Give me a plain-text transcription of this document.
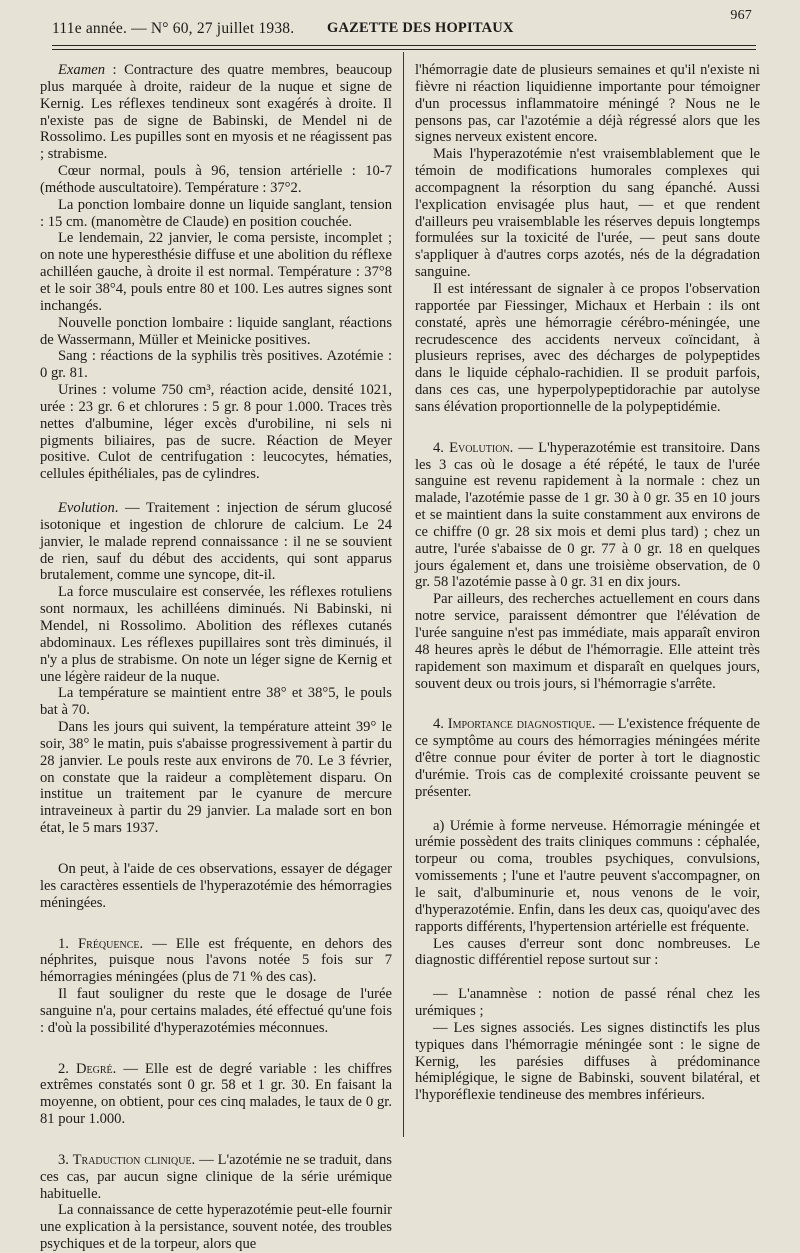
111e année. — N° 60, 27 juillet 1938. GAZETTE DES HOPITAUX
967

Examen : Contracture des quatre membres, beaucoup plus marquée à droite, raideur de la nuque et signe de Kernig. Les réflexes tendineux sont exagérés à droite. Il n'existe pas de signe de Babinski, de Mendel ni de Rossolimo. Les pupilles sont en myosis et ne réagissent pas ; strabisme.

Cœur normal, pouls à 96, tension artérielle : 10-7 (méthode auscultatoire). Température : 37°2.

La ponction lombaire donne un liquide sanglant, tension : 15 cm. (manomètre de Claude) en position couchée.

Le lendemain, 22 janvier, le coma persiste, incomplet ; on note une hyperesthésie diffuse et une abolition du réflexe achilléen gauche, à droite il est normal. Température : 37°8 et le soir 38°4, pouls entre 80 et 100. Les autres signes sont inchangés.

Nouvelle ponction lombaire : liquide sanglant, réactions de Wassermann, Müller et Meinicke positives.

Sang : réactions de la syphilis très positives. Azotémie : 0 gr. 81.

Urines : volume 750 cm³, réaction acide, densité 1021, urée : 23 gr. 6 et chlorures : 5 gr. 8 pour 1.000. Traces très nettes d'albumine, léger excès d'urobiline, ni sels ni pigments biliaires, pas de sucre. Réaction de Meyer positive. Culot de centrifugation : leucocytes, hématies, cellules épithéliales, pas de cylindres.

Evolution. — Traitement : injection de sérum glucosé isotonique et ingestion de chlorure de calcium. Le 24 janvier, le malade reprend connaissance : il ne se souvient de rien, sauf du début des accidents, qui sont apparus brutalement, comme une syncope, dit-il.

La force musculaire est conservée, les réflexes rotuliens sont normaux, les achilléens diminués. Ni Babinski, ni Mendel, ni Rossolimo. Abolition des réflexes cutanés abdominaux. Les réflexes pupillaires sont très diminués, il n'y a plus de strabisme. On note un léger signe de Kernig et une légère raideur de la nuque.

La température se maintient entre 38° et 38°5, le pouls bat à 70.

Dans les jours qui suivent, la température atteint 39° le soir, 38° le matin, puis s'abaisse progressivement à partir du 28 janvier. Le pouls reste aux environs de 70. Le 3 février, on constate que la raideur a complètement disparu. On institue un traitement par le cyanure de mercure intraveineux à partir du 29 janvier. La malade sort en bon état, le 5 mars 1937.

On peut, à l'aide de ces observations, essayer de dégager les caractères essentiels de l'hyperazotémie des hémorragies méningées.

1. Fréquence. — Elle est fréquente, en dehors des néphrites, puisque nous l'avons notée 5 fois sur 7 hémorragies méningées (plus de 71 % des cas).

Il faut souligner du reste que le dosage de l'urée sanguine n'a, pour certains malades, été effectué qu'une fois : d'où la possibilité d'hyperazotémies méconnues.

2. Degré. — Elle est de degré variable : les chiffres extrêmes constatés sont 0 gr. 58 et 1 gr. 30. En faisant la moyenne, on obtient, pour ces cinq malades, le taux de 0 gr. 81 pour 1.000.

3. Traduction clinique. — L'azotémie ne se traduit, dans ces cas, par aucun signe clinique de la série urémique habituelle.

La connaissance de cette hyperazotémie peut-elle fournir une explication à la persistance, souvent notée, des troubles psychiques et de la torpeur, alors que

l'hémorragie date de plusieurs semaines et qu'il n'existe ni fièvre ni réaction liquidienne importante pour témoigner d'un processus inflammatoire méningé ? Nous ne le pensons pas, car l'azotémie a déjà régressé alors que les signes nerveux existent encore.

Mais l'hyperazotémie n'est vraisemblablement que le témoin de modifications humorales complexes qui accompagnent la résorption du sang épanché. Aussi l'explication envisagée plus haut, — et que rendent d'ailleurs peu vraisemblable les réserves depuis longtemps formulées sur la toxicité de l'urée, — peut sans doute s'appliquer à d'autres corps azotés, nés de la dégradation sanguine.

Il est intéressant de signaler à ce propos l'observation rapportée par Fiessinger, Michaux et Herbain : ils ont constaté, après une hémorragie cérébro-méningée, une recrudescence des accidents nerveux coïncidant, à plusieurs reprises, avec des décharges de polypeptides dans le liquide céphalo-rachidien. Il se produit parfois, dans ces cas, une hyperpolypeptidorachie par autolyse sans élévation proportionnelle de la polypeptidémie.

4. Evolution. — L'hyperazotémie est transitoire. Dans les 3 cas où le dosage a été répété, le taux de l'urée sanguine est revenu rapidement à la normale : chez un malade, l'azotémie passe de 1 gr. 30 à 0 gr. 35 en 10 jours et se maintient dans la suite constamment aux environs de ce chiffre (0 gr. 28 six mois et demi plus tard) ; chez un autre, l'urée s'abaisse de 0 gr. 77 à 0 gr. 18 en quelques jours également et, dans une troisième observation, de 0 gr. 58 l'azotémie passe à 0 gr. 31 en dix jours.

Par ailleurs, des recherches actuellement en cours dans notre service, paraissent démontrer que l'élévation de l'urée sanguine n'est pas immédiate, mais apparaît environ 48 heures après le début de l'hémorragie. Elle atteint très rapidement son maximum et disparaît en quelques jours, souvent deux ou trois jours, si l'hémorragie s'arrête.

4. Importance diagnostique. — L'existence fréquente de ce symptôme au cours des hémorragies méningées mérite d'être connue pour éviter de porter à tort le diagnostic d'urémie. Trois cas de complexité croissante peuvent se présenter.

a) Urémie à forme nerveuse. Hémorragie méningée et urémie possèdent des traits cliniques communs : céphalée, torpeur ou coma, troubles psychiques, convulsions, vomissements ; l'une et l'autre peuvent s'accompagner, on le sait, d'albuminurie et, nous venons de le voir, d'hyperazotémie. Enfin, dans les deux cas, quoiqu'avec des rapports différents, l'hypertension artérielle est fréquente.

Les causes d'erreur sont donc nombreuses. Le diagnostic différentiel repose surtout sur :

— L'anamnèse : notion de passé rénal chez les urémiques ;

— Les signes associés. Les signes distinctifs les plus typiques dans l'hémorragie méningée sont : le signe de Kernig, les parésies diffuses à prédominance hémiplégique, le signe de Babinski, souvent bilatéral, et l'hyporéflexie tendineuse des membres inférieurs.
